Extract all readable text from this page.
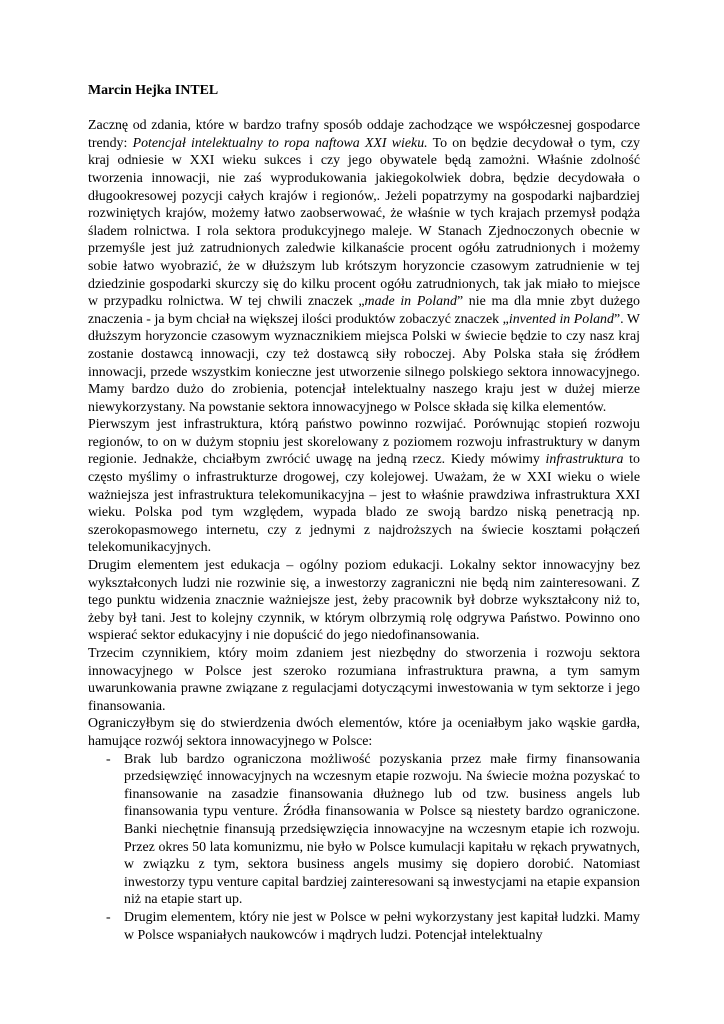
Marcin Hejka INTEL

Zacznę od zdania, które w bardzo trafny sposób oddaje zachodzące we współczesnej gospodarce trendy: Potencjał intelektualny to ropa naftowa XXI wieku. To on będzie decydował o tym, czy kraj odniesie w XXI wieku sukces i czy jego obywatele będą zamożni. Właśnie zdolność tworzenia innowacji, nie zaś wyprodukowania jakiegokolwiek dobra, będzie decydowała o długookresowej pozycji całych krajów i regionów,. Jeżeli popatrzymy na gospodarki najbardziej rozwiniętych krajów, możemy łatwo zaobserwować, że właśnie w tych krajach przemysł podąża śladem rolnictwa. I rola sektora produkcyjnego maleje. W Stanach Zjednoczonych obecnie w przemyśle jest już zatrudnionych zaledwie kilkanaście procent ogółu zatrudnionych i możemy sobie łatwo wyobrazić, że w dłuższym lub krótszym horyzoncie czasowym zatrudnienie w tej dziedzinie gospodarki skurczy się do kilku procent ogółu zatrudnionych, tak jak miało to miejsce w przypadku rolnictwa. W tej chwili znaczek „made in Poland” nie ma dla mnie zbyt dużego znaczenia - ja bym chciał na większej ilości produktów zobaczyć znaczek „invented in Poland”. W dłuższym horyzoncie czasowym wyznacznikiem miejsca Polski w świecie będzie to czy nasz kraj zostanie dostawcą innowacji, czy też dostawcą siły roboczej. Aby Polska stała się źródłem innowacji, przede wszystkim konieczne jest utworzenie silnego polskiego sektora innowacyjnego. Mamy bardzo dużo do zrobienia, potencjał intelektualny naszego kraju jest w dużej mierze niewykorzystany. Na powstanie sektora innowacyjnego w Polsce składa się kilka elementów.

Pierwszym jest infrastruktura, którą państwo powinno rozwijać. Porównując stopień rozwoju regionów, to on w dużym stopniu jest skorelowany z poziomem rozwoju infrastruktury w danym regionie. Jednakże, chciałbym zwrócić uwagę na jedną rzecz. Kiedy mówimy infrastruktura to często myślimy o infrastrukturze drogowej, czy kolejowej. Uważam, że w XXI wieku o wiele ważniejsza jest infrastruktura telekomunikacyjna – jest to właśnie prawdziwa infrastruktura XXI wieku. Polska pod tym względem, wypada blado ze swoją bardzo niską penetracją np. szerokopasmowego internetu, czy z jednymi z najdroższych na świecie kosztami połączeń telekomunikacyjnych.

Drugim elementem jest edukacja – ogólny poziom edukacji. Lokalny sektor innowacyjny bez wykształconych ludzi nie rozwinie się, a inwestorzy zagraniczni nie będą nim zainteresowani. Z tego punktu widzenia znacznie ważniejsze jest, żeby pracownik był dobrze wykształcony niż to, żeby był tani. Jest to kolejny czynnik, w którym olbrzymią rolę odgrywa Państwo. Powinno ono wspierać sektor edukacyjny i nie dopuścić do jego niedofinansowania.

Trzecim czynnikiem, który moim zdaniem jest niezbędny do stworzenia i rozwoju sektora innowacyjnego w Polsce jest szeroko rozumiana infrastruktura prawna, a tym samym uwarunkowania prawne związane z regulacjami dotyczącymi inwestowania w tym sektorze i jego finansowania.

Ograniczyłbym się do stwierdzenia dwóch elementów, które ja oceniałbym jako wąskie gardła, hamujące rozwój sektora innowacyjnego w Polsce:

- Brak lub bardzo ograniczona możliwość pozyskania przez małe firmy finansowania przedsięwzięć innowacyjnych na wczesnym etapie rozwoju. Na świecie można pozyskać to finansowanie na zasadzie finansowania dłużnego lub od tzw. business angels lub finansowania typu venture. Źródła finansowania w Polsce są niestety bardzo ograniczone. Banki niechętnie finansują przedsięwzięcia innowacyjne na wczesnym etapie ich rozwoju. Przez okres 50 lata komunizmu, nie było w Polsce kumulacji kapitału w rękach prywatnych, w związku z tym, sektora business angels musimy się dopiero dorobić. Natomiast inwestorzy typu venture capital bardziej zainteresowani są inwestycjami na etapie expansion niż na etapie start up.
- Drugim elementem, który nie jest w Polsce w pełni wykorzystany jest kapitał ludzki. Mamy w Polsce wspaniałych naukowców i mądrych ludzi. Potencjał intelektualny
